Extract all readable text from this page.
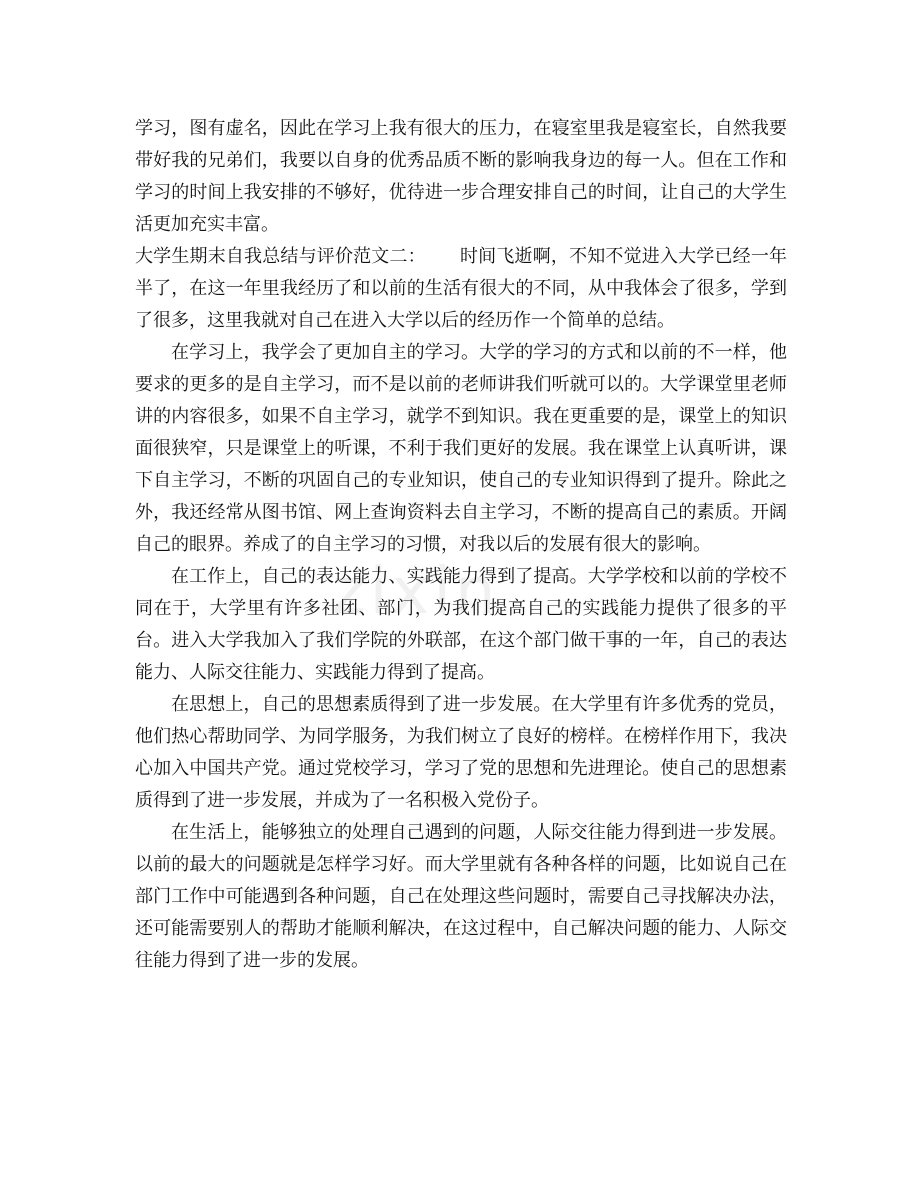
学习，图有虚名，因此在学习上我有很大的压力，在寝室里我是寝室长，自然我要带好我的兄弟们，我要以自身的优秀品质不断的影响我身边的每一人。但在工作和学习的时间上我安排的不够好，优待进一步合理安排自己的时间，让自己的大学生活更加充实丰富。

大学生期末自我总结与评价范文二： 时间飞逝啊，不知不觉进入大学已经一年半了，在这一年里我经历了和以前的生活有很大的不同，从中我体会了很多，学到了很多，这里我就对自己在进入大学以后的经历作一个简单的总结。

在学习上，我学会了更加自主的学习。大学的学习的方式和以前的不一样，他要求的更多的是自主学习，而不是以前的老师讲我们听就可以的。大学课堂里老师讲的内容很多，如果不自主学习，就学不到知识。我在更重要的是，课堂上的知识面很狭窄，只是课堂上的听课，不利于我们更好的发展。我在课堂上认真听讲，课下自主学习，不断的巩固自己的专业知识，使自己的专业知识得到了提升。除此之外，我还经常从图书馆、网上查询资料去自主学习，不断的提高自己的素质。开阔自己的眼界。养成了的自主学习的习惯，对我以后的发展有很大的影响。

在工作上，自己的表达能力、实践能力得到了提高。大学学校和以前的学校不同在于，大学里有许多社团、部门，为我们提高自己的实践能力提供了很多的平台。进入大学我加入了我们学院的外联部，在这个部门做干事的一年，自己的表达能力、人际交往能力、实践能力得到了提高。

在思想上，自己的思想素质得到了进一步发展。在大学里有许多优秀的党员，他们热心帮助同学、为同学服务，为我们树立了良好的榜样。在榜样作用下，我决心加入中国共产党。通过党校学习，学习了党的思想和先进理论。使自己的思想素质得到了进一步发展，并成为了一名积极入党份子。

在生活上，能够独立的处理自己遇到的问题，人际交往能力得到进一步发展。以前的最大的问题就是怎样学习好。而大学里就有各种各样的问题，比如说自己在部门工作中可能遇到各种问题，自己在处理这些问题时，需要自己寻找解决办法，还可能需要别人的帮助才能顺利解决，在这过程中，自己解决问题的能力、人际交往能力得到了进一步的发展。

zixin
